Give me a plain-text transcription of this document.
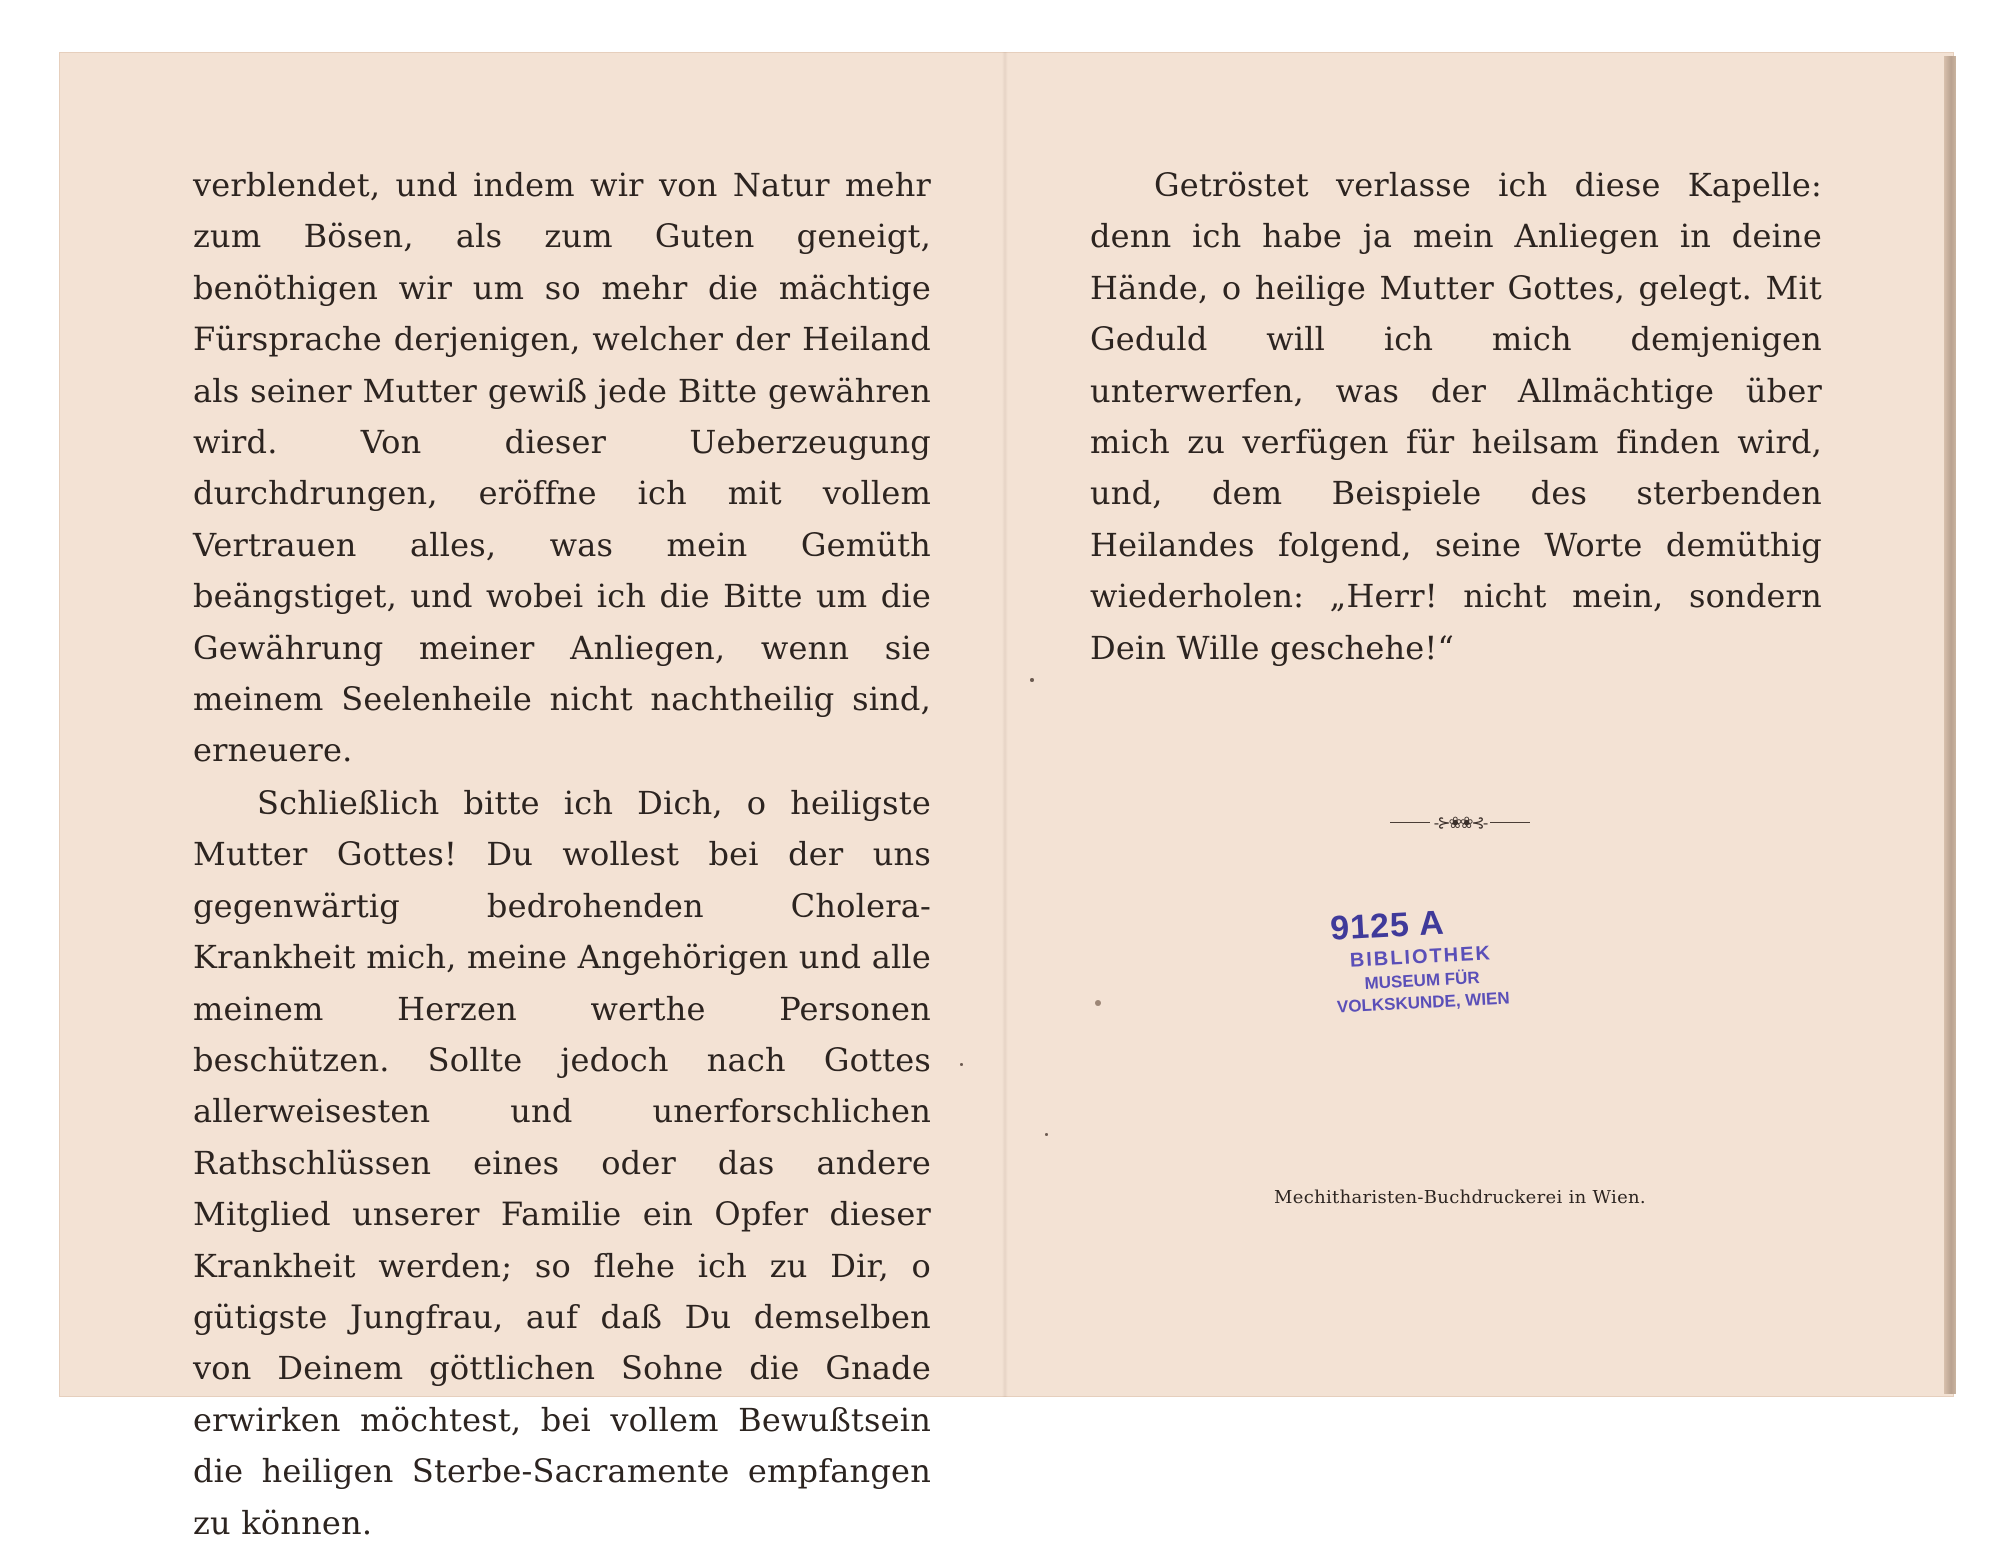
verblendet, und indem wir von Natur mehr zum Bösen, als zum Guten geneigt, benöthigen wir um so mehr die mächtige Fürsprache derjenigen, welcher der Heiland als seiner Mutter gewiß jede Bitte gewähren wird. Von dieser Ueberzeugung durchdrungen, eröffne ich mit vollem Vertrauen alles, was mein Gemüth beängstiget, und wobei ich die Bitte um die Gewährung meiner Anliegen, wenn sie meinem Seelenheile nicht nachtheilig sind, erneuere.

Schließlich bitte ich Dich, o heiligste Mutter Gottes! Du wollest bei der uns gegenwärtig bedrohenden Cholera-Krankheit mich, meine Angehörigen und alle meinem Herzen werthe Personen beschützen. Sollte jedoch nach Gottes allerweisesten und unerforschlichen Rathschlüssen eines oder das andere Mitglied unserer Familie ein Opfer dieser Krankheit werden; so flehe ich zu Dir, o gütigste Jungfrau, auf daß Du demselben von Deinem göttlichen Sohne die Gnade erwirken möchtest, bei vollem Bewußtsein die heiligen Sterbe-Sacramente empfangen zu können.

Getröstet verlasse ich diese Kapelle: denn ich habe ja mein Anliegen in deine Hände, o heilige Mutter Gottes, gelegt. Mit Geduld will ich mich demjenigen unterwerfen, was der Allmächtige über mich zu verfügen für heilsam finden wird, und, dem Beispiele des sterbenden Heilandes folgend, seine Worte demüthig wiederholen: „Herr! nicht mein, sondern Dein Wille geschehe!“

-⊱❀❀⊰-
9125 A
BIBLIOTHEK
MUSEUM FÜR
VOLKSKUNDE, WIEN
Mechitharisten-Buchdruckerei in Wien.
